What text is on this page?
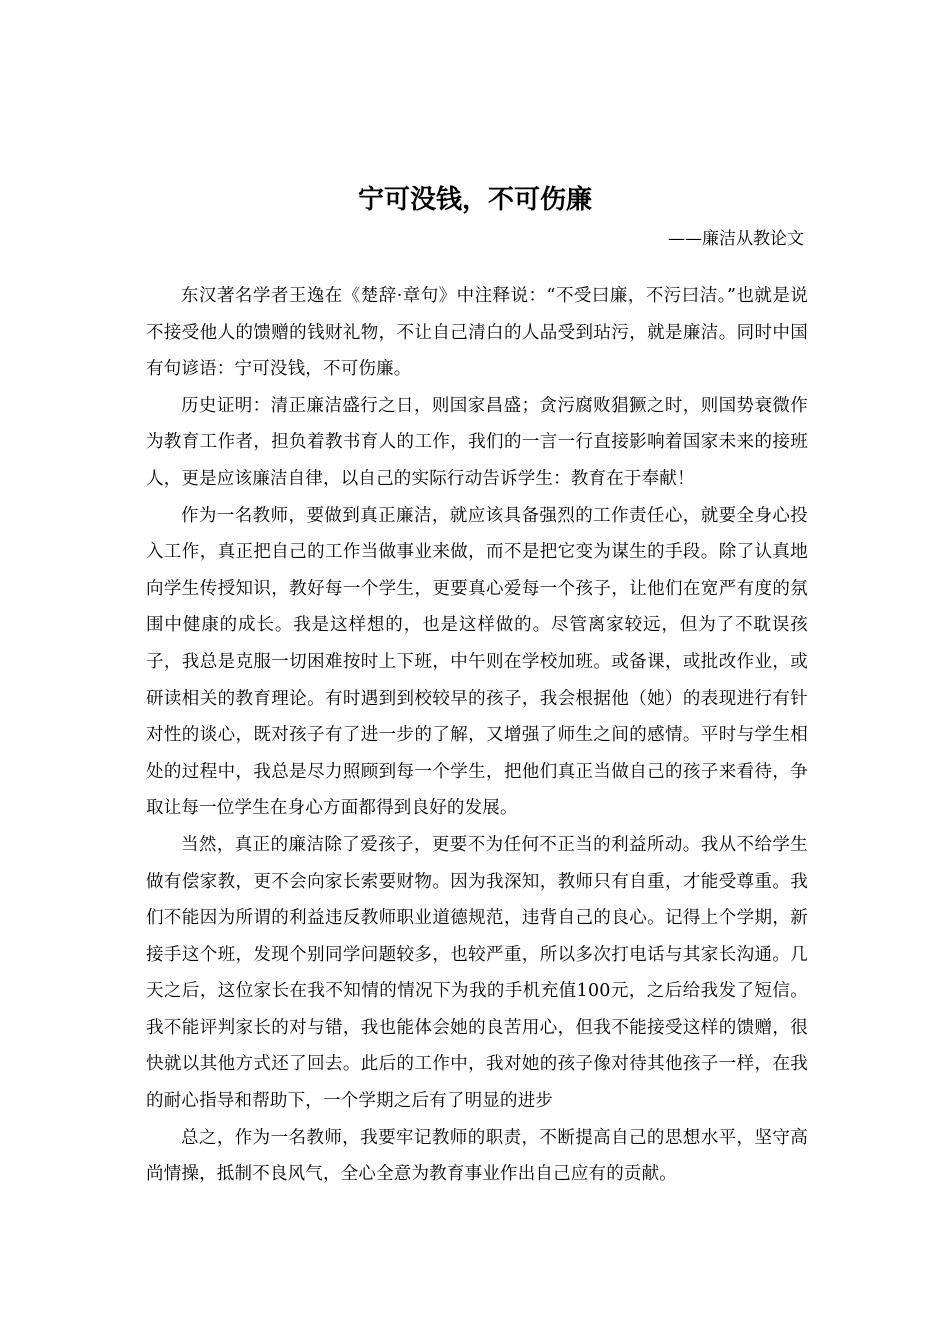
宁可没钱，不可伤廉

——廉洁从教论文

东汉著名学者王逸在《楚辞·章句》中注释说：“不受曰廉，不污曰洁。”也就是说不接受他人的馈赠的钱财礼物，不让自己清白的人品受到玷污，就是廉洁。同时中国有句谚语：宁可没钱，不可伤廉。

历史证明：清正廉洁盛行之日，则国家昌盛；贪污腐败猖獗之时，则国势衰微作为教育工作者，担负着教书育人的工作，我们的一言一行直接影响着国家未来的接班人，更是应该廉洁自律，以自己的实际行动告诉学生：教育在于奉献！

作为一名教师，要做到真正廉洁，就应该具备强烈的工作责任心，就要全身心投入工作，真正把自己的工作当做事业来做，而不是把它变为谋生的手段。除了认真地向学生传授知识，教好每一个学生，更要真心爱每一个孩子，让他们在宽严有度的氛围中健康的成长。我是这样想的，也是这样做的。尽管离家较远，但为了不耽误孩子，我总是克服一切困难按时上下班，中午则在学校加班。或备课，或批改作业，或研读相关的教育理论。有时遇到到校较早的孩子，我会根据他（她）的表现进行有针对性的谈心，既对孩子有了进一步的了解，又增强了师生之间的感情。平时与学生相处的过程中，我总是尽力照顾到每一个学生，把他们真正当做自己的孩子来看待，争取让每一位学生在身心方面都得到良好的发展。

当然，真正的廉洁除了爱孩子，更要不为任何不正当的利益所动。我从不给学生做有偿家教，更不会向家长索要财物。因为我深知，教师只有自重，才能受尊重。我们不能因为所谓的利益违反教师职业道德规范，违背自己的良心。记得上个学期，新接手这个班，发现个别同学问题较多，也较严重，所以多次打电话与其家长沟通。几天之后，这位家长在我不知情的情况下为我的手机充值100元，之后给我发了短信。我不能评判家长的对与错，我也能体会她的良苦用心，但我不能接受这样的馈赠，很快就以其他方式还了回去。此后的工作中，我对她的孩子像对待其他孩子一样，在我的耐心指导和帮助下，一个学期之后有了明显的进步

总之，作为一名教师，我要牢记教师的职责，不断提高自己的思想水平，坚守高尚情操，抵制不良风气，全心全意为教育事业作出自己应有的贡献。
